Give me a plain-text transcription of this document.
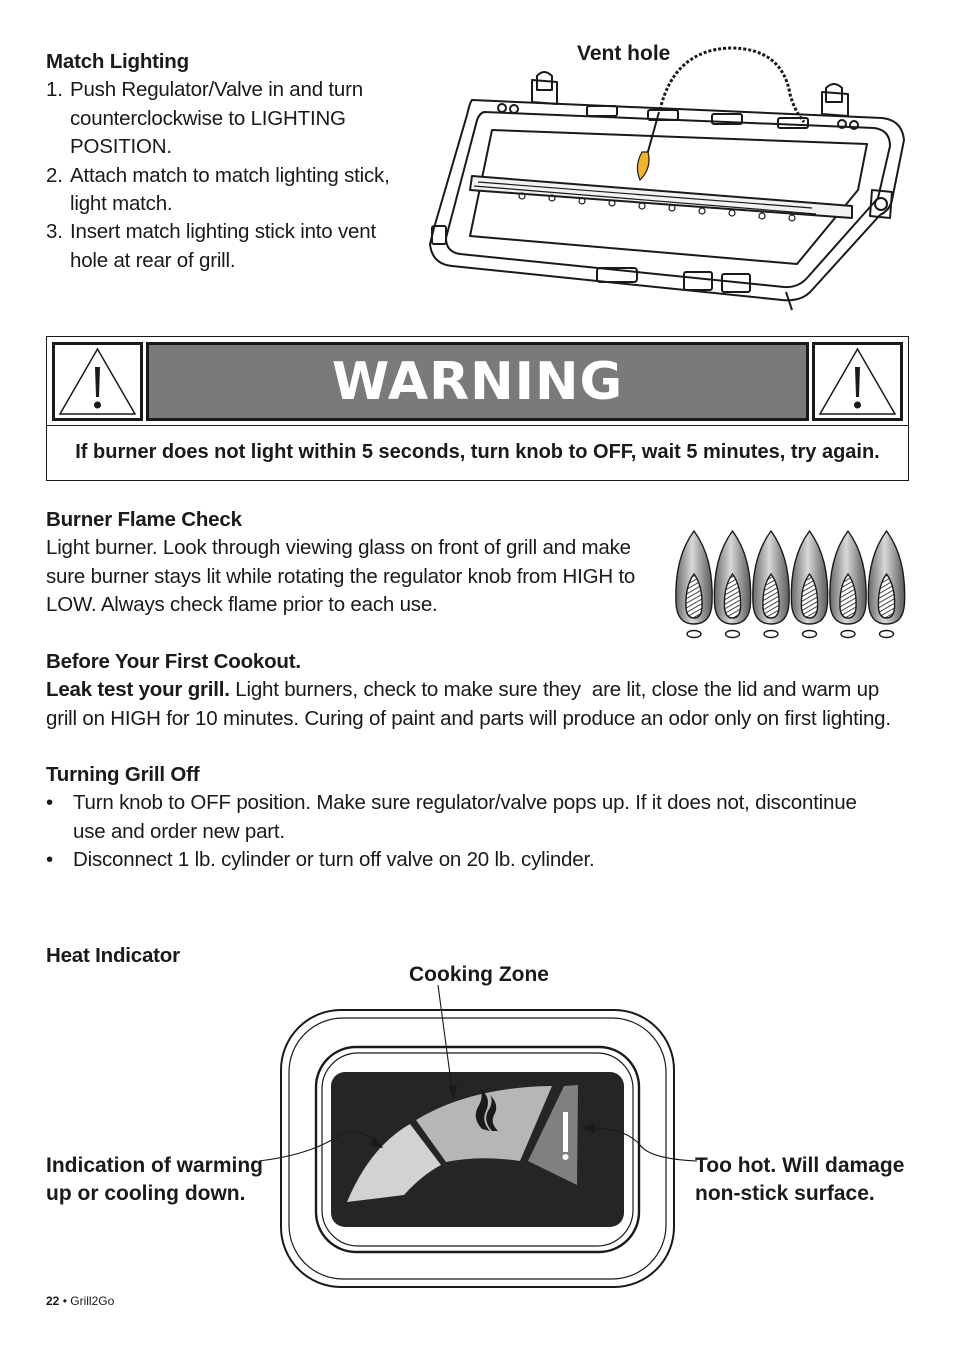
Match Lighting
1. Push Regulator/Valve in and turn
counterclockwise to LIGHTING
POSITION.
2. Attach match to match lighting stick,
light match.
3. Insert match lighting stick into vent
hole at rear of grill.
Vent hole
WARNING
If burner does not light within 5 seconds, turn knob to OFF, wait 5 minutes, try again.
Burner Flame Check
Light burner. Look through viewing glass on front of grill and make
sure burner stays lit while rotating the regulator knob from HIGH to
LOW. Always check flame prior to each use.
Before Your First Cookout.
Leak test your grill. Light burners, check to make sure they  are lit, close the lid and warm up
grill on HIGH for 10 minutes. Curing of paint and parts will produce an odor only on first lighting.
Turning Grill Off
• Turn knob to OFF position. Make sure regulator/valve pops up. If it does not, discontinue
use and order new part.
• Disconnect 1 lb. cylinder or turn off valve on 20 lb. cylinder.
Heat Indicator
Cooking Zone
Indication of warming
up or cooling down.
Too hot. Will damage
non-stick surface.
22 • Grill2Go
